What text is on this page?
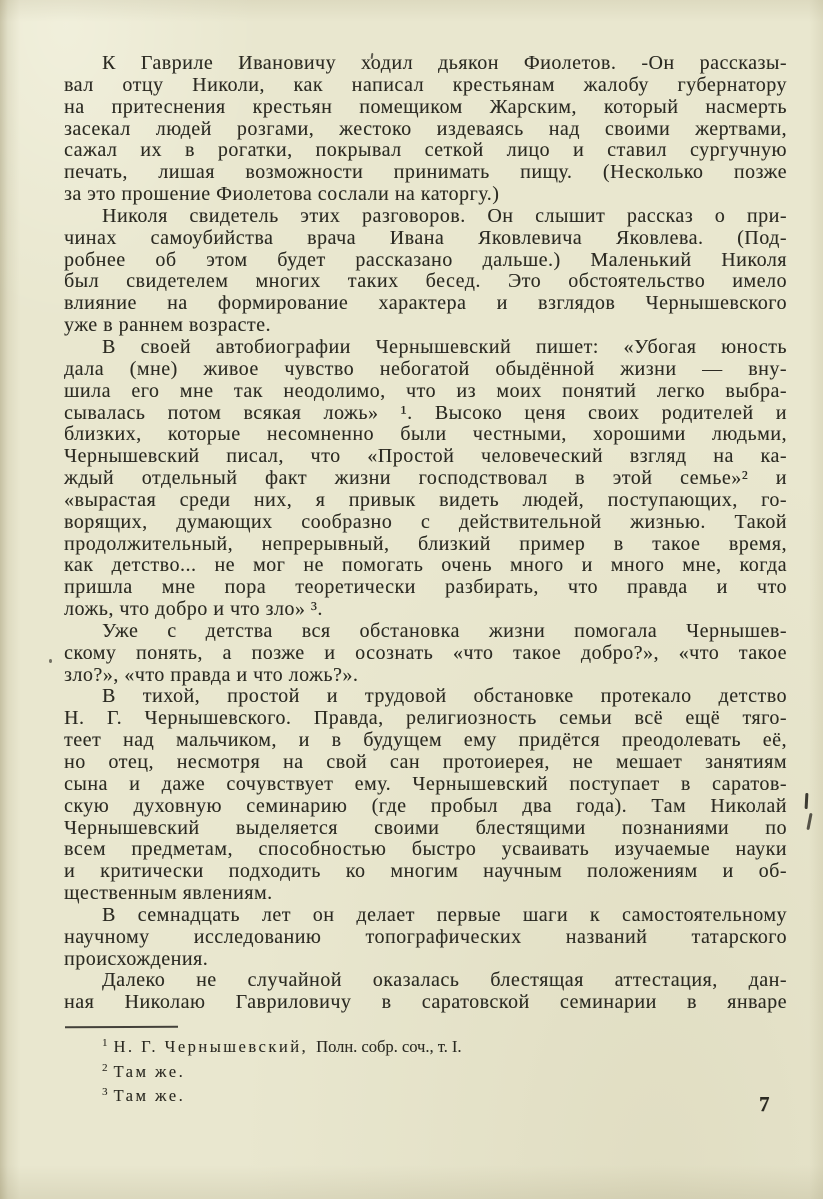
К Гавриле Ивановичу ходил дьякон Фиолетов. -Он рассказы-
вал отцу Николи, как написал крестьянам жалобу губернатору
на притеснения крестьян помещиком Жарским, который насмерть
засекал людей розгами, жестоко издеваясь над своими жертвами,
сажал их в рогатки, покрывал сеткой лицо и ставил сургучную
печать, лишая возможности принимать пищу. (Несколько позже
за это прошение Фиолетова сослали на каторгу.)
Николя свидетель этих разговоров. Он слышит рассказ о при-
чинах самоубийства врача Ивана Яковлевича Яковлева. (Под-
робнее об этом будет рассказано дальше.) Маленький Николя
был свидетелем многих таких бесед. Это обстоятельство имело
влияние на формирование характера и взглядов Чернышевского
уже в раннем возрасте.
В своей автобиографии Чернышевский пишет: «Убогая юность
дала (мне) живое чувство небогатой обыдённой жизни — вну-
шила его мне так неодолимо, что из моих понятий легко выбра-
сывалась потом всякая ложь» ¹. Высоко ценя своих родителей и
близких, которые несомненно были честными, хорошими людьми,
Чернышевский писал, что «Простой человеческий взгляд на ка-
ждый отдельный факт жизни господствовал в этой семье»² и
«вырастая среди них, я привык видеть людей, поступающих, го-
ворящих, думающих сообразно с действительной жизнью. Такой
продолжительный, непрерывный, близкий пример в такое время,
как детство... не мог не помогать очень много и много мне, когда
пришла мне пора теоретически разбирать, что правда и что
ложь, что добро и что зло» ³.
Уже с детства вся обстановка жизни помогала Чернышев-
скому понять, а позже и осознать «что такое добро?», «что такое
зло?», «что правда и что ложь?».
В тихой, простой и трудовой обстановке протекало детство
Н. Г. Чернышевского. Правда, религиозность семьи всё ещё тяго-
теет над мальчиком, и в будущем ему придётся преодолевать её,
но отец, несмотря на свой сан протоиерея, не мешает занятиям
сына и даже сочувствует ему. Чернышевский поступает в саратов-
скую духовную семинарию (где пробыл два года). Там Николай
Чернышевский выделяется своими блестящими познаниями по
всем предметам, способностью быстро усваивать изучаемые науки
и критически подходить ко многим научным положениям и об-
щественным явлениям.
В семнадцать лет он делает первые шаги к самостоятельному
научному исследованию топографических названий татарского
происхождения.
Далеко не случайной оказалась блестящая аттестация, дан-
ная Николаю Гавриловичу в саратовской семинарии в январе
$^1$ Н. Г. Чернышевский, Полн. собр. соч., т. I.
$^2$ Там же.
$^3$ Там же.	7
